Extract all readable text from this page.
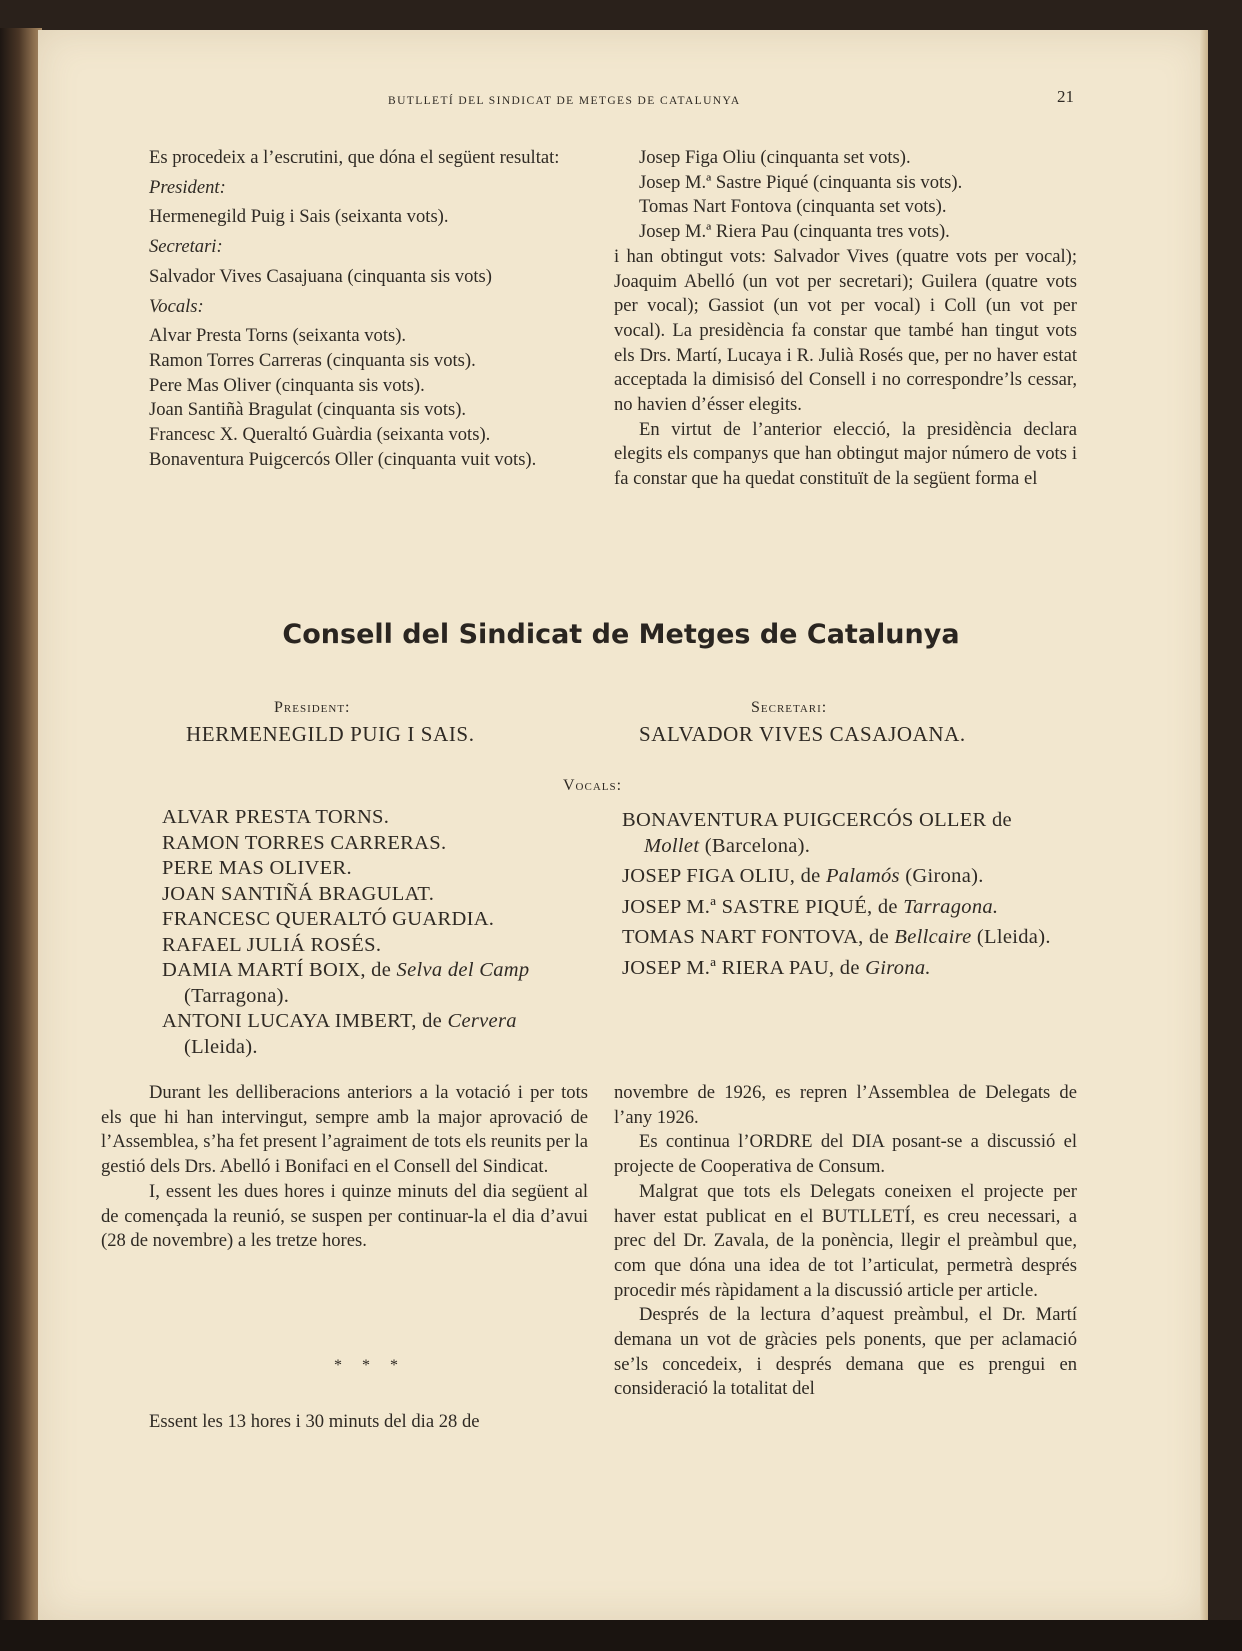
BUTLLETÍ DEL SINDICAT DE METGES DE CATALUNYA	21

Es procedeix a l’escrutini, que dóna el següent resultat:

President:

Hermenegild Puig i Sais (seixanta vots).

Secretari:

Salvador Vives Casajuana (cinquanta sis vots)

Vocals:

Alvar Presta Torns (seixanta vots).

Ramon Torres Carreras (cinquanta sis vots).

Pere Mas Oliver (cinquanta sis vots).

Joan Santiñà Bragulat (cinquanta sis vots).

Francesc X. Queraltó Guàrdia (seixanta vots).

Bonaventura Puigcercós Oller (cinquanta vuit vots).

Josep Figa Oliu (cinquanta set vots).

Josep M.ª Sastre Piqué (cinquanta sis vots).

Tomas Nart Fontova (cinquanta set vots).

Josep M.ª Riera Pau (cinquanta tres vots).

i han obtingut vots: Salvador Vives (quatre vots per vocal); Joaquim Abelló (un vot per secretari); Guilera (quatre vots per vocal); Gassiot (un vot per vocal) i Coll (un vot per vocal). La presidència fa constar que també han tingut vots els Drs. Martí, Lucaya i R. Julià Rosés que, per no haver estat acceptada la dimisisó del Consell i no correspondre’ls cessar, no havien d’ésser elegits.

En virtut de l’anterior elecció, la presidència declara elegits els companys que han obtingut major número de vots i fa constar que ha quedat constituït de la següent forma el

Consell del Sindicat de Metges de Catalunya
President:
HERMENEGILD PUIG I SAIS.
Secretari:
SALVADOR VIVES CASAJOANA.
Vocals:
ALVAR PRESTA TORNS.
RAMON TORRES CARRERAS.
PERE MAS OLIVER.
JOAN SANTIÑÁ BRAGULAT.
FRANCESC QUERALTÓ GUARDIA.
RAFAEL JULIÁ ROSÉS.
DAMIA MARTÍ BOIX, de Selva del Camp (Tarragona).
ANTONI LUCAYA IMBERT, de Cervera (Lleida).
BONAVENTURA PUIGCERCÓS OLLER de Mollet (Barcelona).
JOSEP FIGA OLIU, de Palamós (Girona).
JOSEP M.ª SASTRE PIQUÉ, de Tarragona.
TOMAS NART FONTOVA, de Bellcaire (Lleida).
JOSEP M.ª RIERA PAU, de Girona.

Durant les delliberacions anteriors a la votació i per tots els que hi han intervingut, sempre amb la major aprovació de l’Assemblea, s’ha fet present l’agraiment de tots els reunits per la gestió dels Drs. Abelló i Bonifaci en el Consell del Sindicat.

I, essent les dues hores i quinze minuts del dia següent al de començada la reunió, se suspen per continuar-la el dia d’avui (28 de novembre) a les tretze hores.

* * *

Essent les 13 hores i 30 minuts del dia 28 de

novembre de 1926, es repren l’Assemblea de Delegats de l’any 1926.

Es continua l’ORDRE del DIA posant-se a discussió el projecte de Cooperativa de Consum.

Malgrat que tots els Delegats coneixen el projecte per haver estat publicat en el BUTLLETÍ, es creu necessari, a prec del Dr. Zavala, de la ponència, llegir el preàmbul que, com que dóna una idea de tot l’articulat, permetrà després procedir més ràpidament a la discussió article per article.

Després de la lectura d’aquest preàmbul, el Dr. Martí demana un vot de gràcies pels ponents, que per aclamació se’ls concedeix, i després demana que es prengui en consideració la totalitat del
